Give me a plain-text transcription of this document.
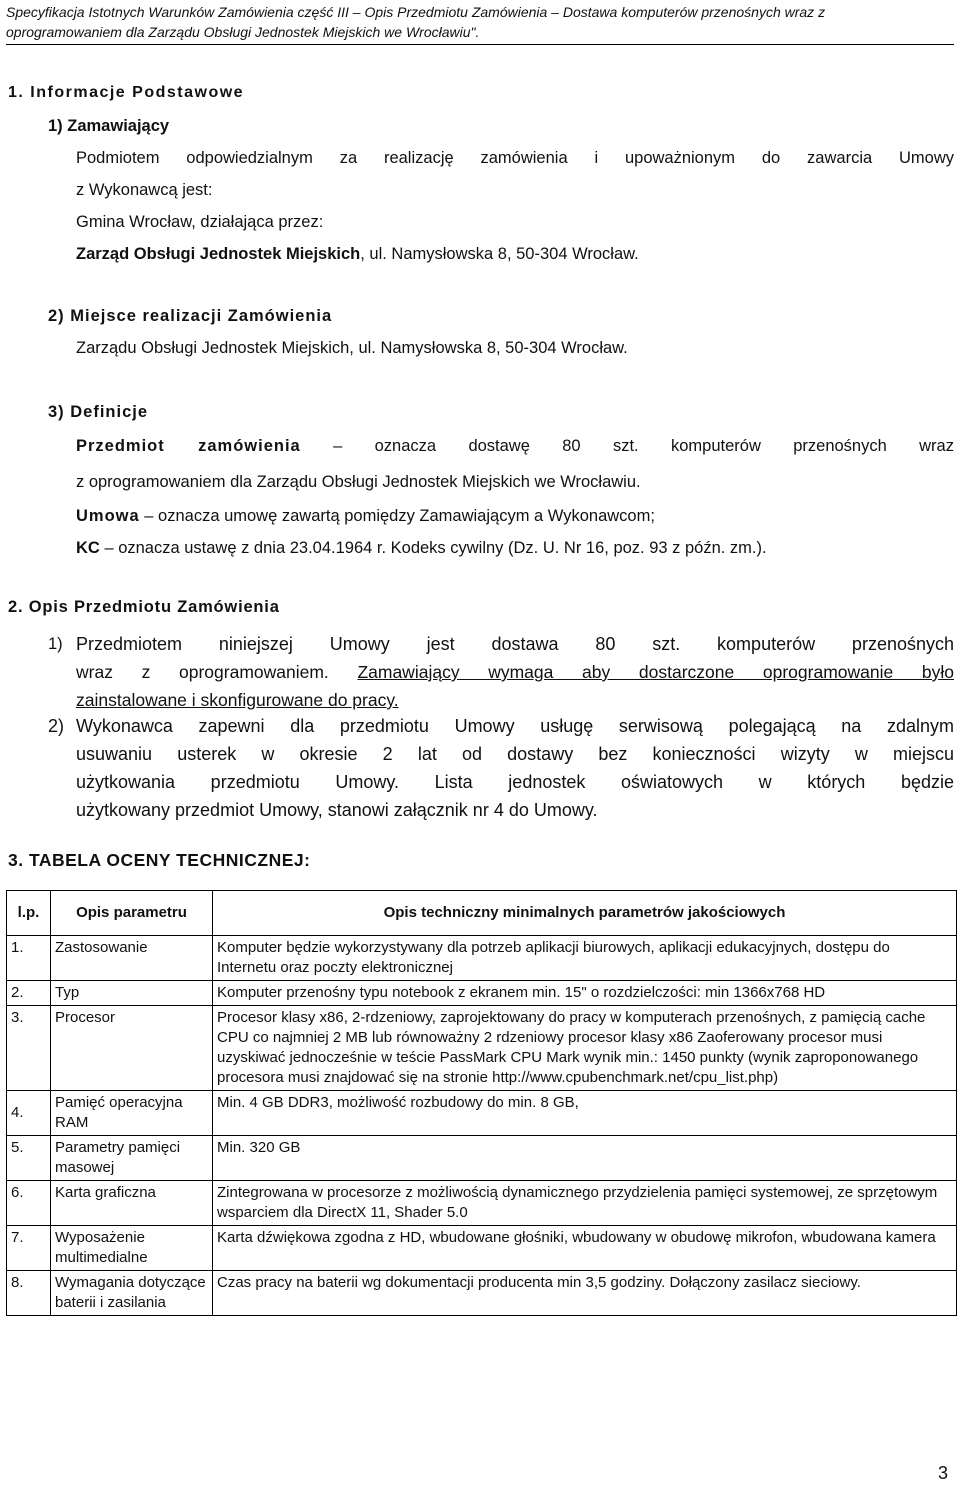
Specyfikacja Istotnych Warunków Zamówienia część III – Opis Przedmiotu Zamówienia – Dostawa komputerów przenośnych wraz z
oprogramowaniem dla Zarządu Obsługi Jednostek Miejskich we Wrocławiu".
1. Informacje Podstawowe
1) Zamawiający
Podmiotem odpowiedzialnym za realizację zamówienia i upoważnionym do zawarcia Umowy
z Wykonawcą jest:
Gmina Wrocław, działająca przez:
Zarząd Obsługi Jednostek Miejskich, ul. Namysłowska 8, 50-304 Wrocław.
2) Miejsce realizacji Zamówienia
Zarządu Obsługi Jednostek Miejskich, ul. Namysłowska 8, 50-304 Wrocław.
3) Definicje
Przedmiot zamówienia – oznacza dostawę 80 szt. komputerów przenośnych wraz
z oprogramowaniem dla Zarządu Obsługi Jednostek Miejskich we Wrocławiu.
Umowa – oznacza umowę zawartą pomiędzy Zamawiającym a Wykonawcom;
KC – oznacza ustawę z dnia 23.04.1964 r. Kodeks cywilny (Dz. U. Nr 16, poz. 93 z późn. zm.).
2. Opis Przedmiotu Zamówienia
1) Przedmiotem niniejszej Umowy jest dostawa 80 szt. komputerów przenośnych
wraz z oprogramowaniem. Zamawiający wymaga aby dostarczone oprogramowanie było
zainstalowane i skonfigurowane do pracy.
2) Wykonawca zapewni dla przedmiotu Umowy usługę serwisową polegającą na zdalnym
usuwaniu usterek w okresie 2 lat od dostawy bez konieczności wizyty w miejscu
użytkowania przedmiotu Umowy. Lista jednostek oświatowych w których będzie
użytkowany przedmiot Umowy, stanowi załącznik nr 4 do Umowy.
3. TABELA OCENY TECHNICZNEJ:
l.p.	Opis parametru	Opis techniczny minimalnych parametrów jakościowych
1.	Zastosowanie	Komputer będzie wykorzystywany dla potrzeb aplikacji biurowych, aplikacji edukacyjnych, dostępu do Internetu oraz poczty elektronicznej
2.	Typ	Komputer przenośny typu notebook z ekranem min. 15" o rozdzielczości: min 1366x768 HD
3.	Procesor	Procesor klasy x86, 2-rdzeniowy, zaprojektowany do pracy w komputerach przenośnych, z pamięcią cache CPU co najmniej 2 MB lub równoważny 2 rdzeniowy procesor klasy x86 Zaoferowany procesor musi uzyskiwać jednocześnie w teście PassMark CPU Mark wynik min.: 1450 punkty (wynik zaproponowanego procesora musi znajdować się na stronie http://www.cpubenchmark.net/cpu_list.php)
4.	Pamięć operacyjna RAM	Min. 4 GB DDR3, możliwość rozbudowy do min. 8 GB,
5.	Parametry pamięci masowej	Min. 320 GB
6.	Karta graficzna	Zintegrowana w procesorze z możliwością dynamicznego przydzielenia pamięci systemowej, ze sprzętowym wsparciem dla DirectX 11, Shader 5.0
7.	Wyposażenie multimedialne	Karta dźwiękowa zgodna z HD, wbudowane głośniki, wbudowany w obudowę mikrofon, wbudowana kamera
8.	Wymagania dotyczące baterii i zasilania	Czas pracy na baterii wg dokumentacji producenta min 3,5 godziny. Dołączony zasilacz sieciowy.
3
